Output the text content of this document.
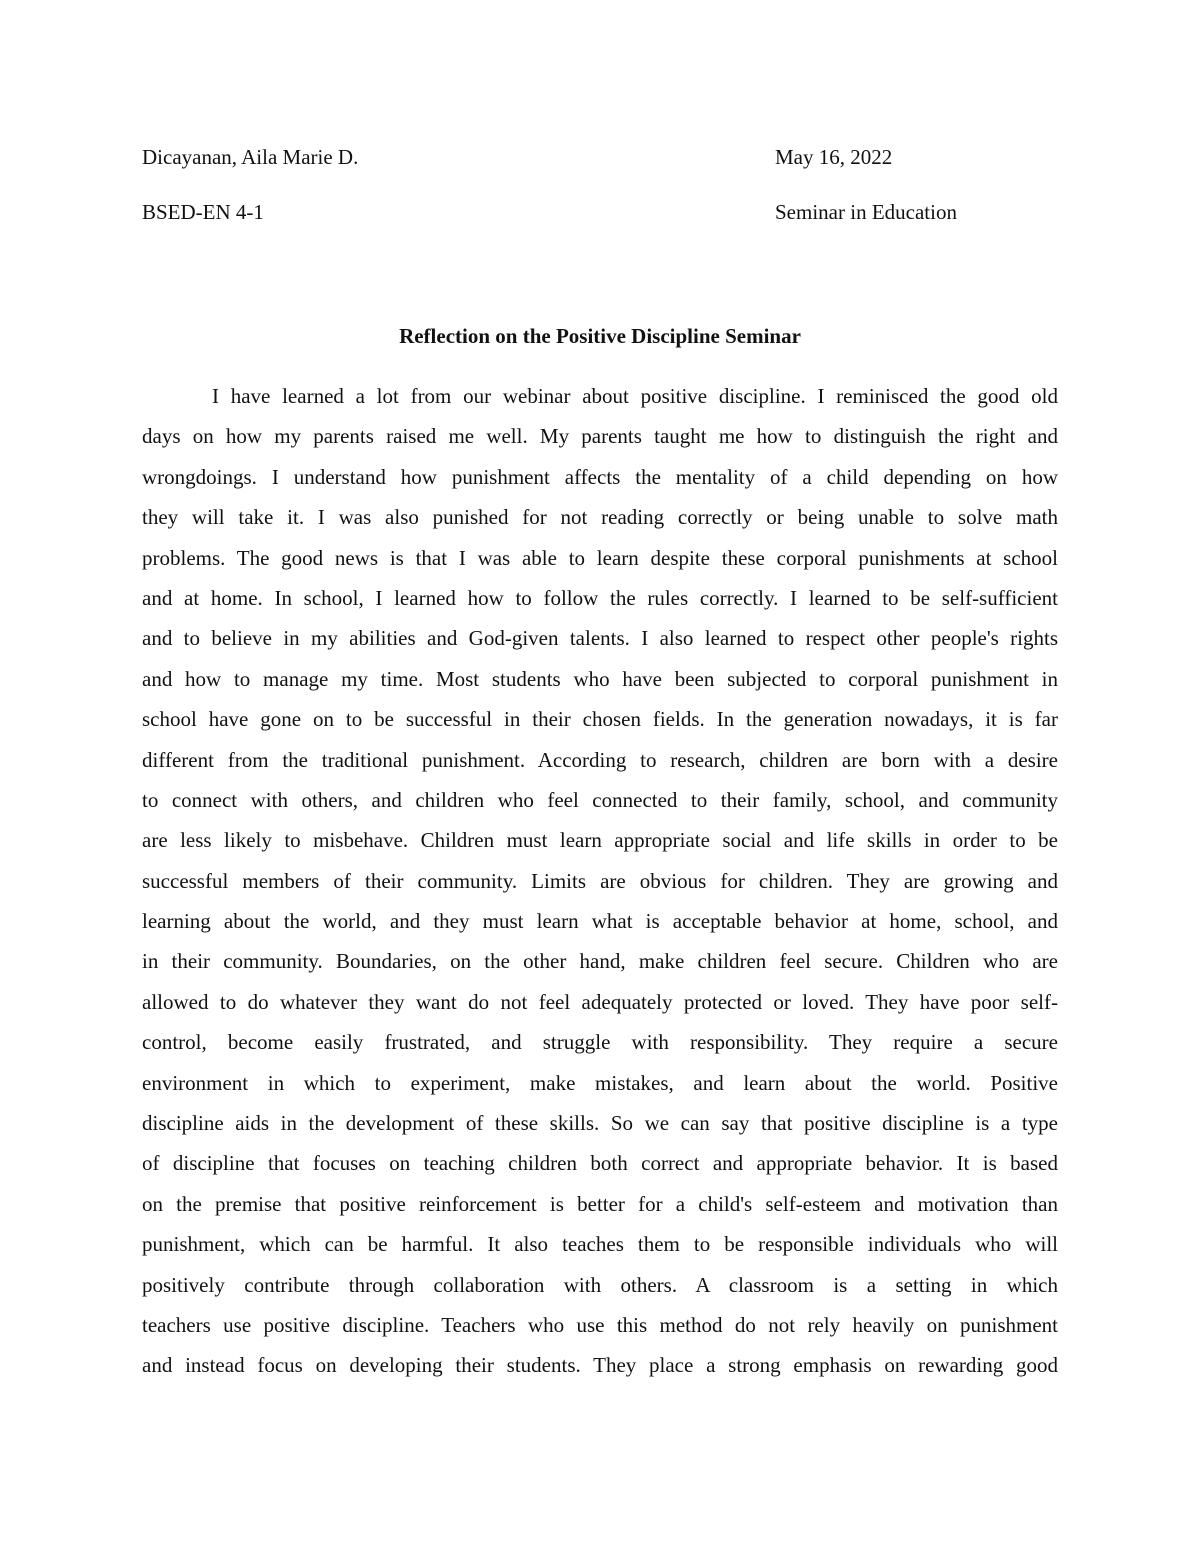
Dicayanan, Aila Marie D.	May 16, 2022
BSED-EN 4-1	Seminar in Education
Reflection on the Positive Discipline Seminar
I have learned a lot from our webinar about positive discipline. I reminisced the good old
days on how my parents raised me well. My parents taught me how to distinguish the right and
wrongdoings. I understand how punishment affects the mentality of a child depending on how
they will take it. I was also punished for not reading correctly or being unable to solve math
problems. The good news is that I was able to learn despite these corporal punishments at school
and at home. In school, I learned how to follow the rules correctly. I learned to be self-sufficient
and to believe in my abilities and God-given talents. I also learned to respect other people's rights
and how to manage my time. Most students who have been subjected to corporal punishment in
school have gone on to be successful in their chosen fields. In the generation nowadays, it is far
different from the traditional punishment. According to research, children are born with a desire
to connect with others, and children who feel connected to their family, school, and community
are less likely to misbehave. Children must learn appropriate social and life skills in order to be
successful members of their community. Limits are obvious for children. They are growing and
learning about the world, and they must learn what is acceptable behavior at home, school, and
in their community. Boundaries, on the other hand, make children feel secure. Children who are
allowed to do whatever they want do not feel adequately protected or loved. They have poor self-
control, become easily frustrated, and struggle with responsibility. They require a secure
environment in which to experiment, make mistakes, and learn about the world. Positive
discipline aids in the development of these skills. So we can say that positive discipline is a type
of discipline that focuses on teaching children both correct and appropriate behavior. It is based
on the premise that positive reinforcement is better for a child's self-esteem and motivation than
punishment, which can be harmful. It also teaches them to be responsible individuals who will
positively contribute through collaboration with others. A classroom is a setting in which
teachers use positive discipline. Teachers who use this method do not rely heavily on punishment
and instead focus on developing their students. They place a strong emphasis on rewarding good
